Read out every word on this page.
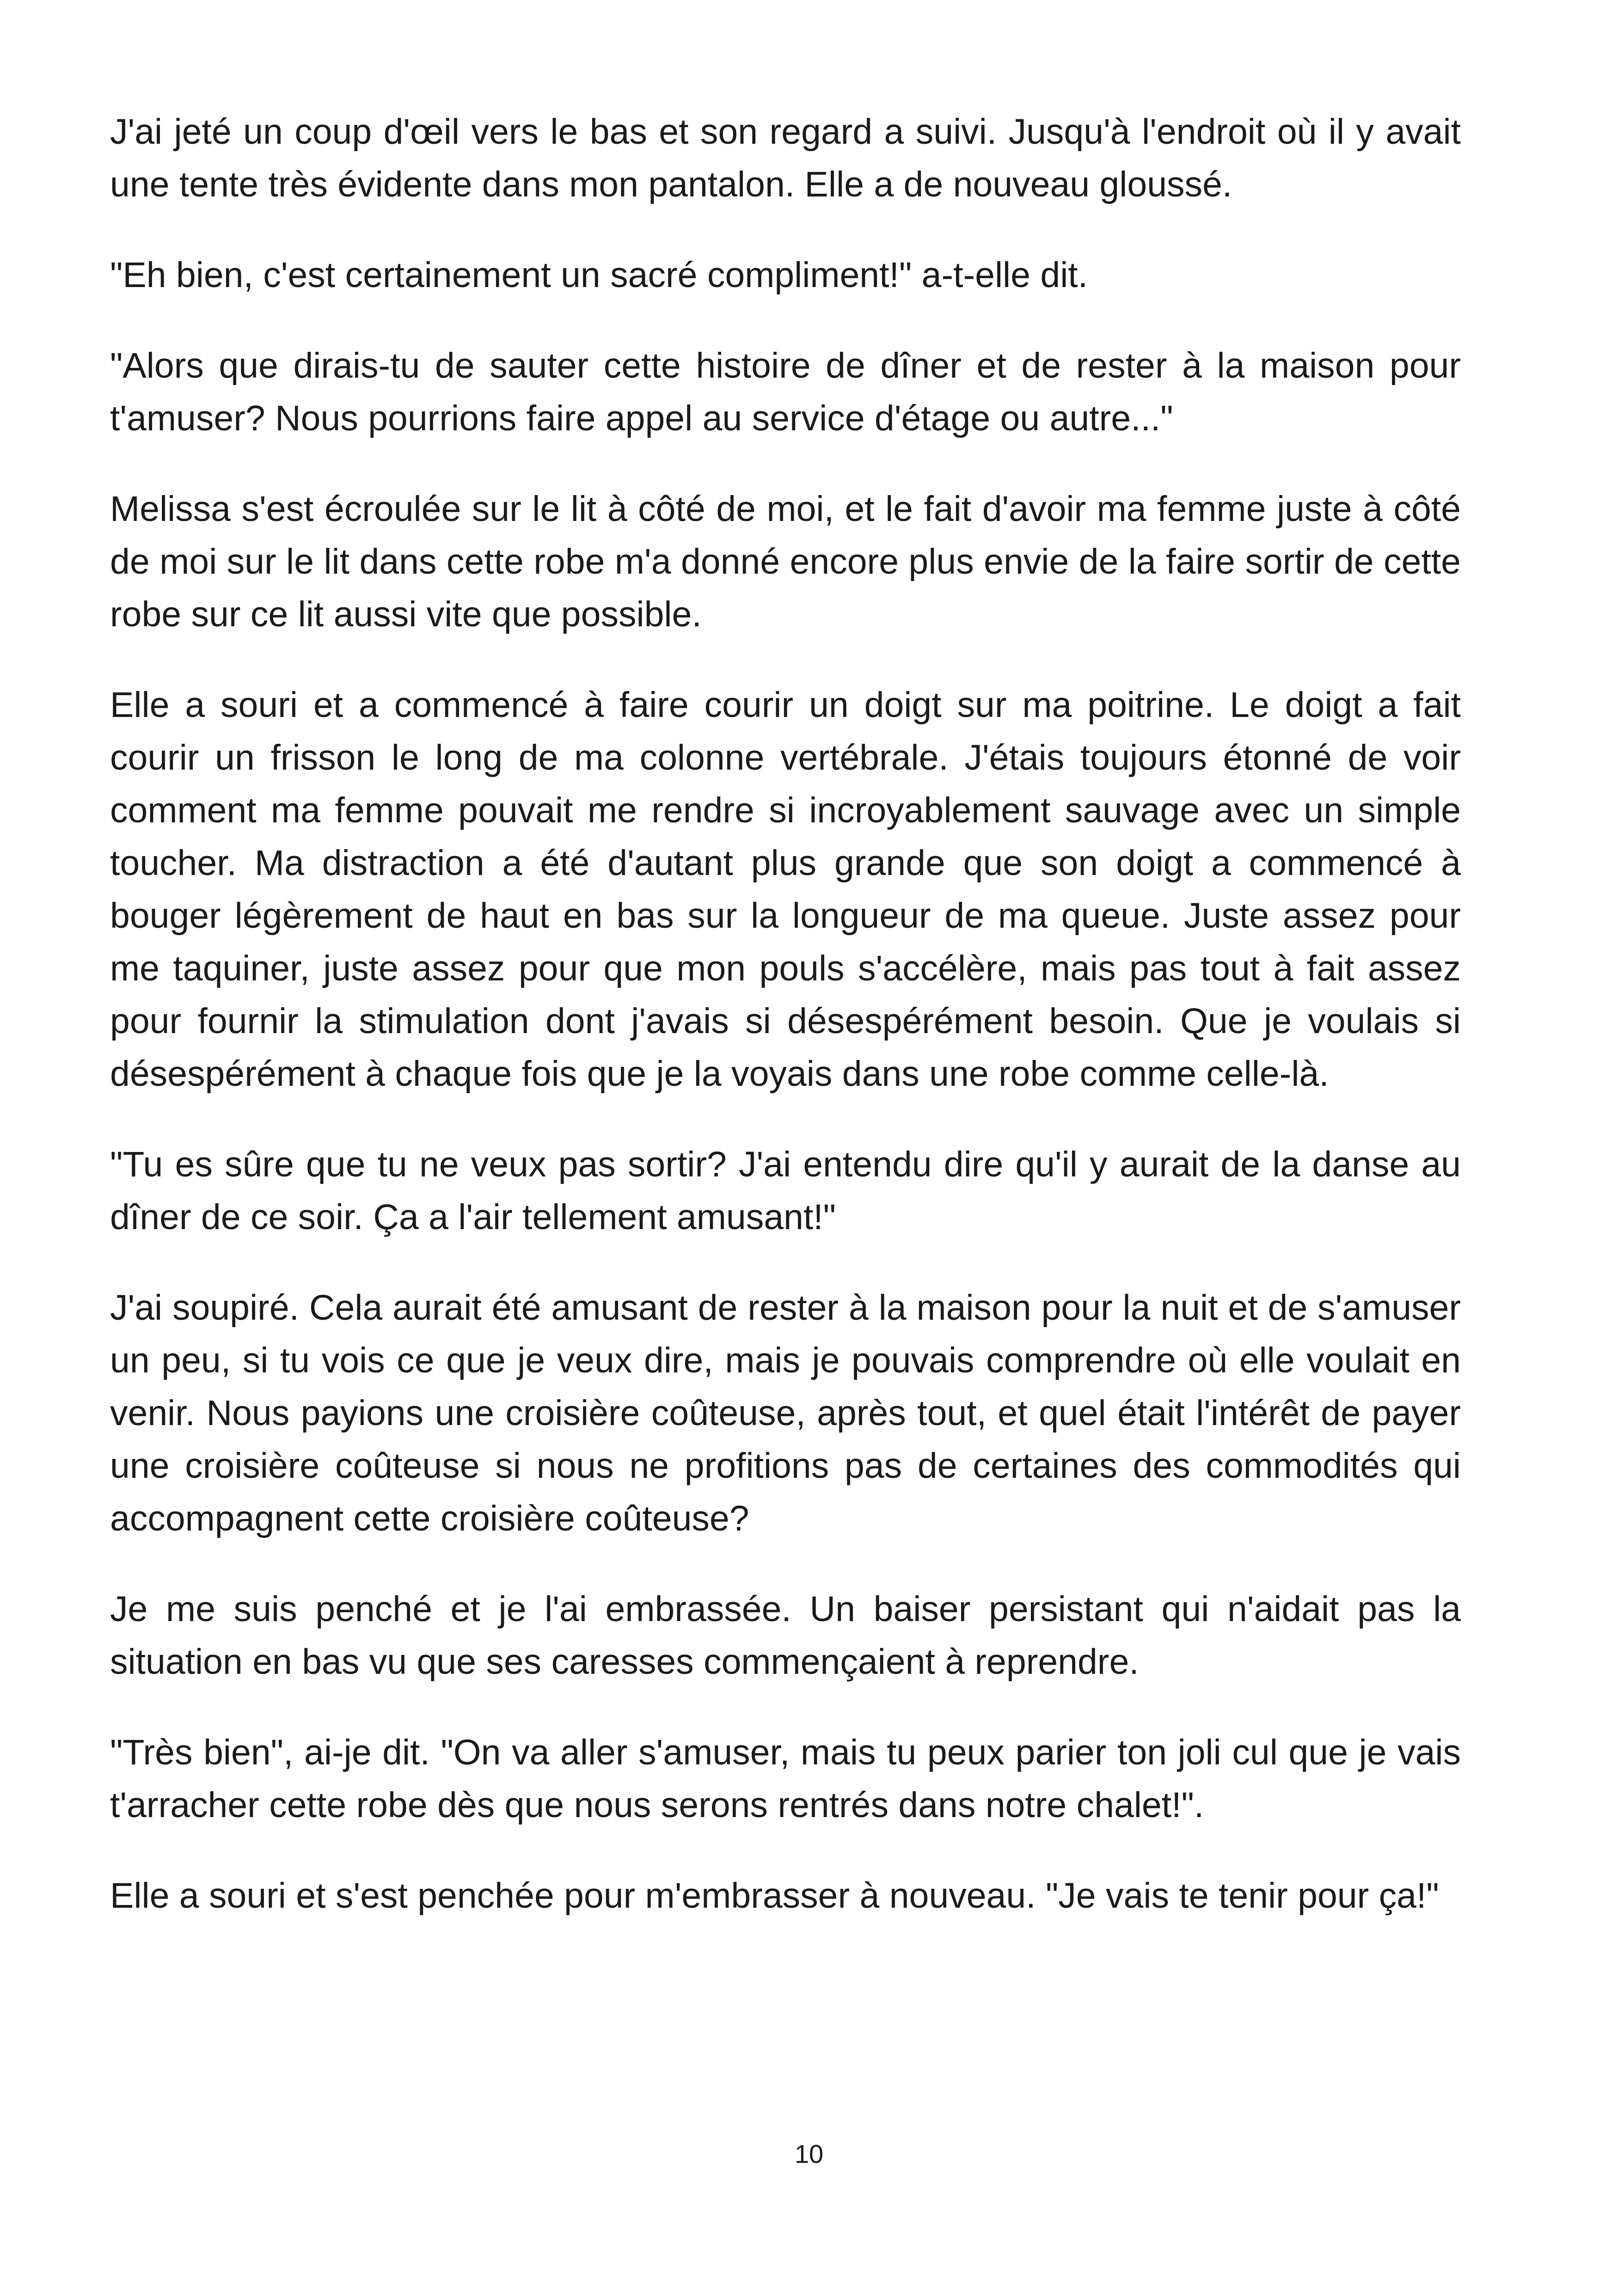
J'ai jeté un coup d'œil vers le bas et son regard a suivi. Jusqu'à l'endroit où il y avait une tente très évidente dans mon pantalon. Elle a de nouveau gloussé.

"Eh bien, c'est certainement un sacré compliment!" a-t-elle dit.

"Alors que dirais-tu de sauter cette histoire de dîner et de rester à la maison pour t'amuser? Nous pourrions faire appel au service d'étage ou autre..."

Melissa s'est écroulée sur le lit à côté de moi, et le fait d'avoir ma femme juste à côté de moi sur le lit dans cette robe m'a donné encore plus envie de la faire sortir de cette robe sur ce lit aussi vite que possible.

Elle a souri et a commencé à faire courir un doigt sur ma poitrine. Le doigt a fait courir un frisson le long de ma colonne vertébrale. J'étais toujours étonné de voir comment ma femme pouvait me rendre si incroyablement sauvage avec un simple toucher. Ma distraction a été d'autant plus grande que son doigt a commencé à bouger légèrement de haut en bas sur la longueur de ma queue. Juste assez pour me taquiner, juste assez pour que mon pouls s'accélère, mais pas tout à fait assez pour fournir la stimulation dont j'avais si désespérément besoin. Que je voulais si désespérément à chaque fois que je la voyais dans une robe comme celle-là.

"Tu es sûre que tu ne veux pas sortir? J'ai entendu dire qu'il y aurait de la danse au dîner de ce soir. Ça a l'air tellement amusant!"

J'ai soupiré. Cela aurait été amusant de rester à la maison pour la nuit et de s'amuser un peu, si tu vois ce que je veux dire, mais je pouvais comprendre où elle voulait en venir. Nous payions une croisière coûteuse, après tout, et quel était l'intérêt de payer une croisière coûteuse si nous ne profitions pas de certaines des commodités qui accompagnent cette croisière coûteuse?

Je me suis penché et je l'ai embrassée. Un baiser persistant qui n'aidait pas la situation en bas vu que ses caresses commençaient à reprendre.

"Très bien", ai-je dit. "On va aller s'amuser, mais tu peux parier ton joli cul que je vais t'arracher cette robe dès que nous serons rentrés dans notre chalet!".

Elle a souri et s'est penchée pour m'embrasser à nouveau. "Je vais te tenir pour ça!"

10
